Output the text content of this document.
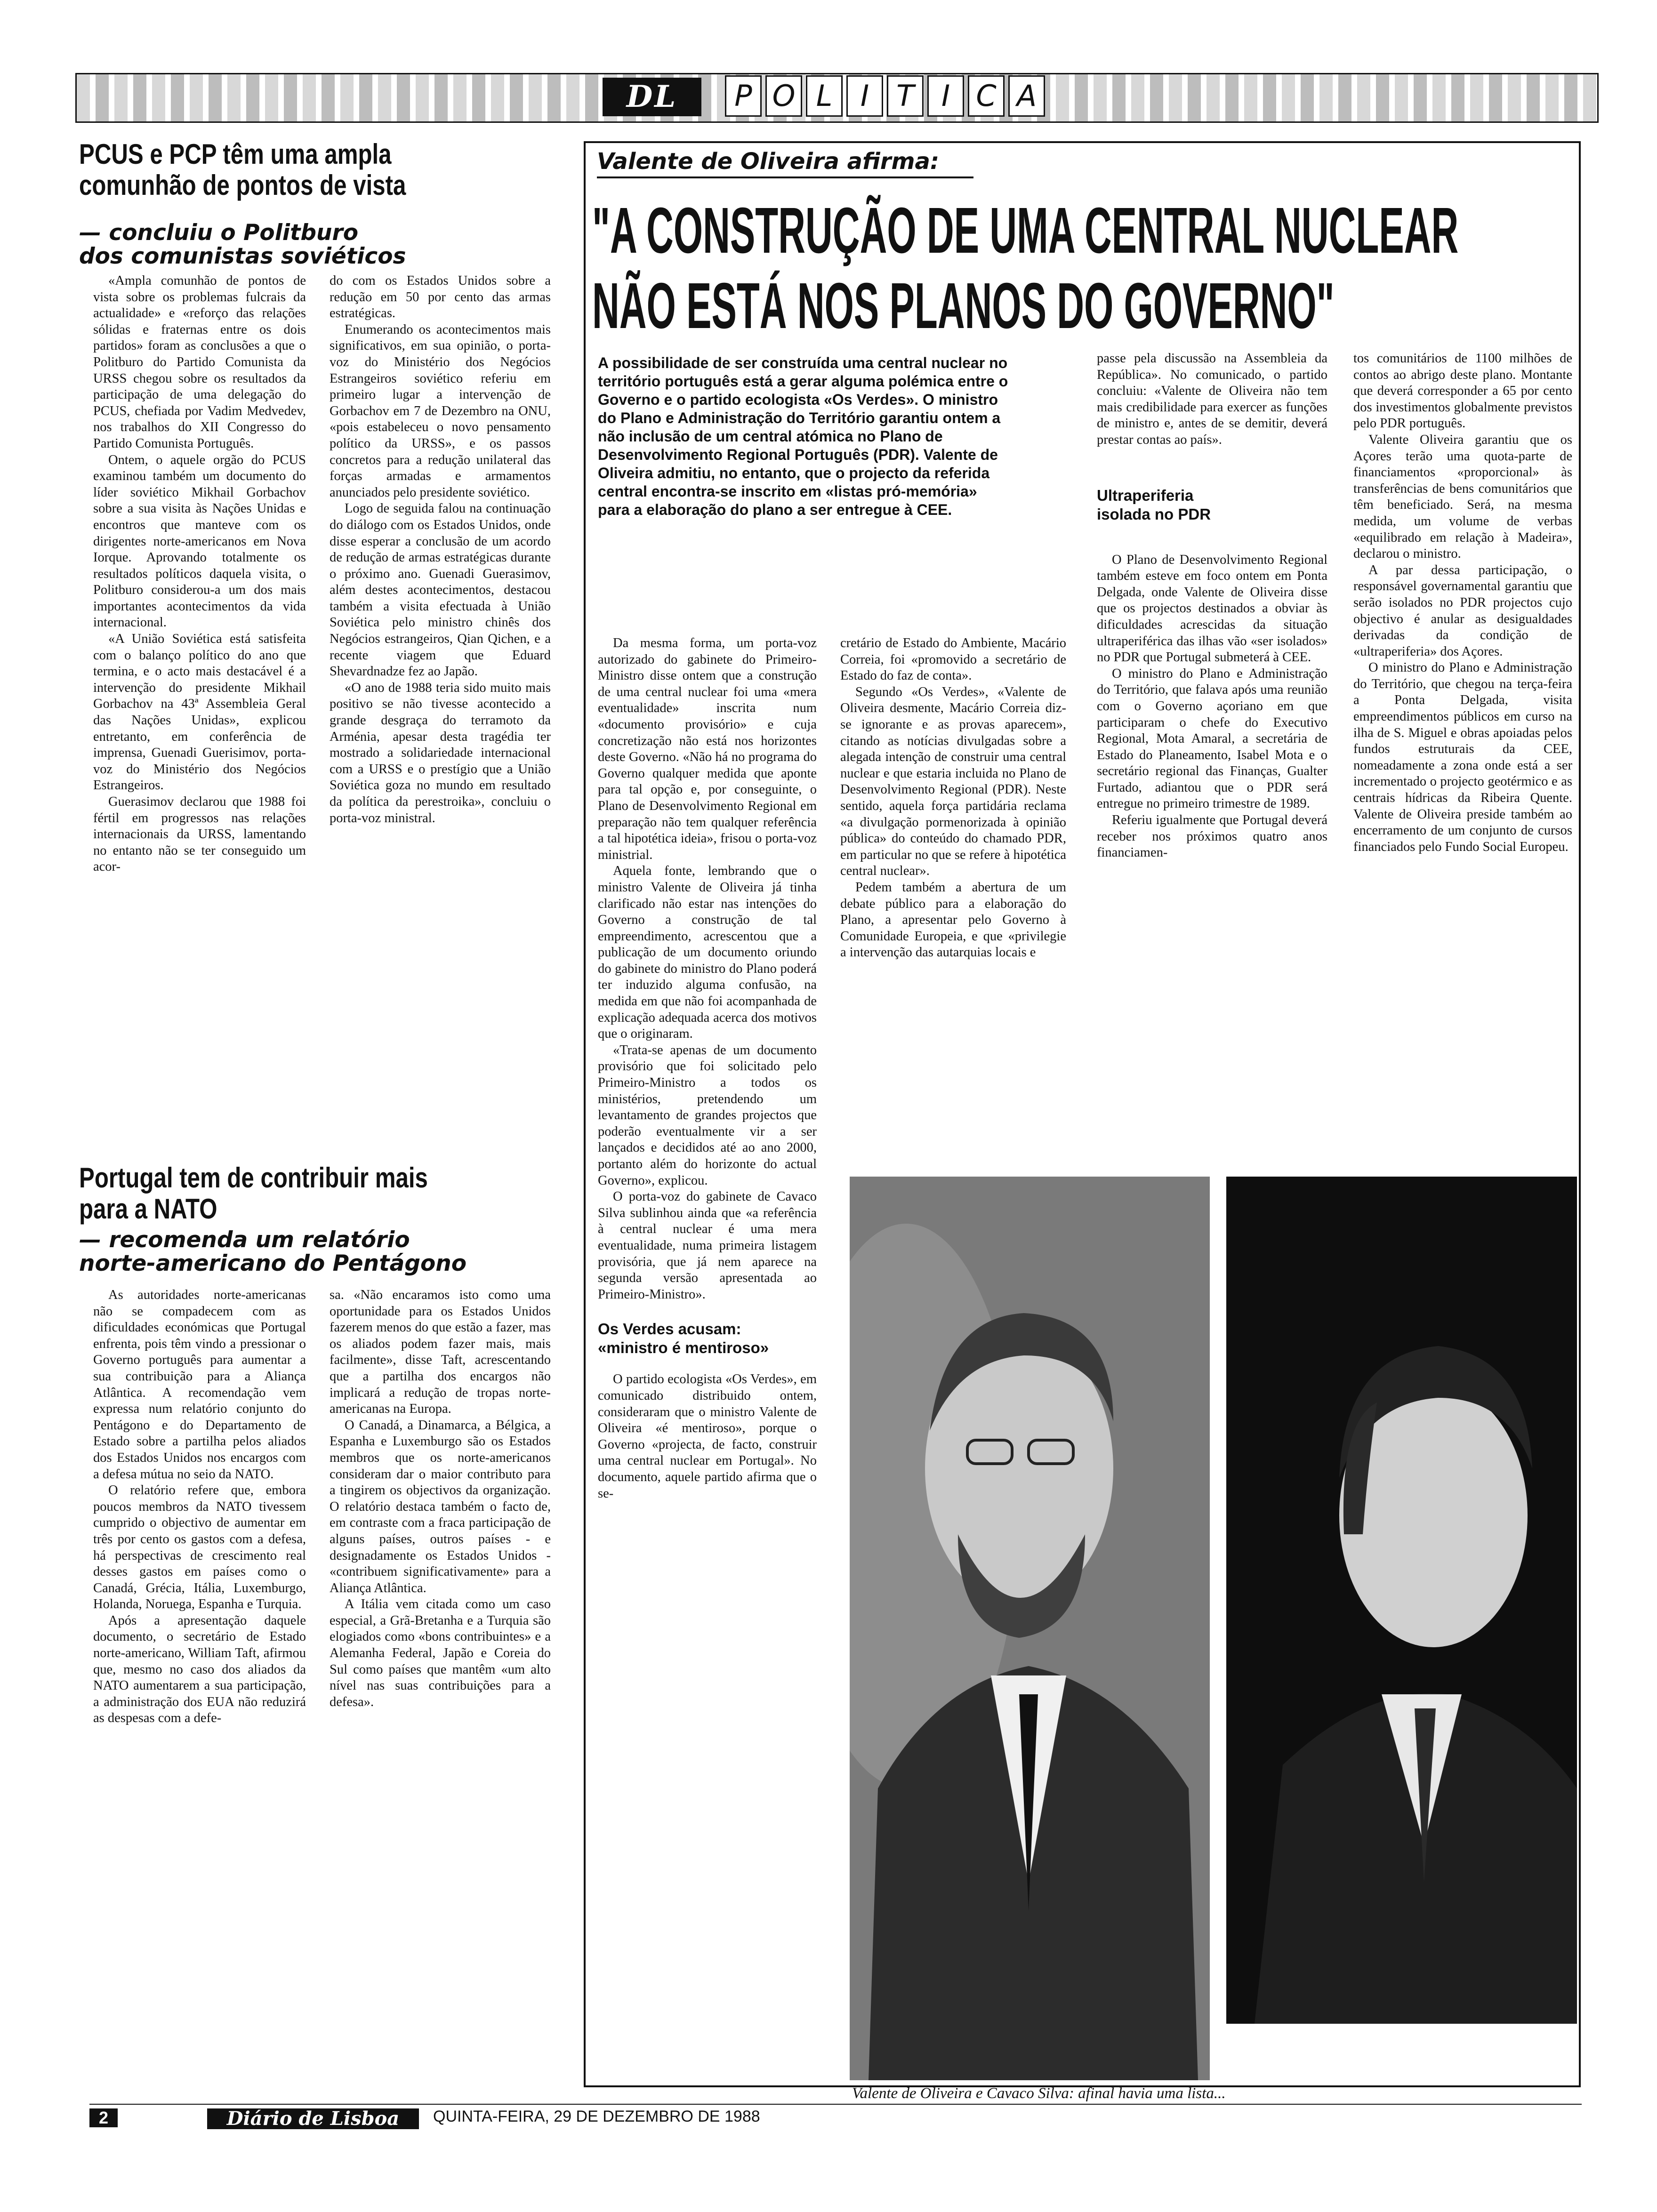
DL	P O L I T I C A
PCUS e PCP têm uma ampla
comunhão de pontos de vista
— concluiu o Politburo
dos comunistas soviéticos

«Ampla comunhão de pontos de vista sobre os problemas fulcrais da actualidade» e «reforço das relações sólidas e fraternas entre os dois partidos» foram as conclusões a que o Politburo do Partido Comunista da URSS chegou sobre os resultados da participação de uma delegação do PCUS, chefiada por Vadim Medvedev, nos trabalhos do XII Congresso do Partido Comunista Português.

Ontem, o aquele orgão do PCUS examinou também um documento do líder soviético Mikhail Gorbachov sobre a sua visita às Nações Unidas e encontros que manteve com os dirigentes norte-americanos em Nova Iorque. Aprovando totalmente os resultados políticos daquela visita, o Politburo considerou-a um dos mais importantes acontecimentos da vida internacional.

«A União Soviética está satisfeita com o balanço político do ano que termina, e o acto mais destacável é a intervenção do presidente Mikhail Gorbachov na 43ª Assembleia Geral das Nações Unidas», explicou entretanto, em conferência de imprensa, Guenadi Guerisimov, porta-voz do Ministério dos Negócios Estrangeiros.

Guerasimov declarou que 1988 foi fértil em progressos nas relações internacionais da URSS, lamentando no entanto não se ter conseguido um acor-

do com os Estados Unidos sobre a redução em 50 por cento das armas estratégicas.

Enumerando os acontecimentos mais significativos, em sua opinião, o porta-voz do Ministério dos Negócios Estrangeiros soviético referiu em primeiro lugar a intervenção de Gorbachov em 7 de Dezembro na ONU, «pois estabeleceu o novo pensamento político da URSS», e os passos concretos para a redução unilateral das forças armadas e armamentos anunciados pelo presidente soviético.

Logo de seguida falou na continuação do diálogo com os Estados Unidos, onde disse esperar a conclusão de um acordo de redução de armas estratégicas durante o próximo ano. Guenadi Guerasimov, além destes acontecimentos, destacou também a visita efectuada à União Soviética pelo ministro chinês dos Negócios estrangeiros, Qian Qichen, e a recente viagem que Eduard Shevardnadze fez ao Japão.

«O ano de 1988 teria sido muito mais positivo se não tivesse acontecido a grande desgraça do terramoto da Arménia, apesar desta tragédia ter mostrado a solidariedade internacional com a URSS e o prestígio que a União Soviética goza no mundo em resultado da política da perestroika», concluiu o porta-voz ministral.

Portugal tem de contribuir mais
para a NATO
— recomenda um relatório
norte-americano do Pentágono

As autoridades norte-americanas não se compadecem com as dificuldades económicas que Portugal enfrenta, pois têm vindo a pressionar o Governo português para aumentar a sua contribuição para a Aliança Atlântica. A recomendação vem expressa num relatório conjunto do Pentágono e do Departamento de Estado sobre a partilha pelos aliados dos Estados Unidos nos encargos com a defesa mútua no seio da NATO.

O relatório refere que, embora poucos membros da NATO tivessem cumprido o objectivo de aumentar em três por cento os gastos com a defesa, há perspectivas de crescimento real desses gastos em países como o Canadá, Grécia, Itália, Luxemburgo, Holanda, Noruega, Espanha e Turquia.

Após a apresentação daquele documento, o secretário de Estado norte-americano, William Taft, afirmou que, mesmo no caso dos aliados da NATO aumentarem a sua participação, a administração dos EUA não reduzirá as despesas com a defe-

sa. «Não encaramos isto como uma oportunidade para os Estados Unidos fazerem menos do que estão a fazer, mas os aliados podem fazer mais, mais facilmente», disse Taft, acrescentando que a partilha dos encargos não implicará a redução de tropas norte-americanas na Europa.

O Canadá, a Dinamarca, a Bélgica, a Espanha e Luxemburgo são os Estados membros que os norte-americanos consideram dar o maior contributo para a tingirem os objectivos da organização. O relatório destaca também o facto de, em contraste com a fraca participação de alguns países, outros países - e designadamente os Estados Unidos - «contribuem significativamente» para a Aliança Atlântica.

A Itália vem citada como um caso especial, a Grã-Bretanha e a Turquia são elogiados como «bons contribuintes» e a Alemanha Federal, Japão e Coreia do Sul como países que mantêm «um alto nível nas suas contribuições para a defesa».

Valente de Oliveira afirma:
"A CONSTRUÇÃO DE UMA CENTRAL NUCLEAR
NÃO ESTÁ NOS PLANOS DO GOVERNO"

A possibilidade de ser construída uma central nuclear no território português está a gerar alguma polémica entre o Governo e o partido ecologista «Os Verdes». O ministro do Plano e Administração do Território garantiu ontem a não inclusão de um central atómica no Plano de Desenvolvimento Regional Português (PDR). Valente de Oliveira admitiu, no entanto, que o projecto da referida central encontra-se inscrito em «listas pró-memória» para a elaboração do plano a ser entregue à CEE.

Da mesma forma, um porta-voz autorizado do gabinete do Primeiro-Ministro disse ontem que a construção de uma central nuclear foi uma «mera eventualidade» inscrita num «documento provisório» e cuja concretização não está nos horizontes deste Governo. «Não há no programa do Governo qualquer medida que aponte para tal opção e, por conseguinte, o Plano de Desenvolvimento Regional em preparação não tem qualquer referência a tal hipotética ideia», frisou o porta-voz ministrial.

Aquela fonte, lembrando que o ministro Valente de Oliveira já tinha clarificado não estar nas intenções do Governo a construção de tal empreendimento, acrescentou que a publicação de um documento oriundo do gabinete do ministro do Plano poderá ter induzido alguma confusão, na medida em que não foi acompanhada de explicação adequada acerca dos motivos que o originaram.

«Trata-se apenas de um documento provisório que foi solicitado pelo Primeiro-Ministro a todos os ministérios, pretendendo um levantamento de grandes projectos que poderão eventualmente vir a ser lançados e decididos até ao ano 2000, portanto além do horizonte do actual Governo», explicou.

O porta-voz do gabinete de Cavaco Silva sublinhou ainda que «a referência à central nuclear é uma mera eventualidade, numa primeira listagem provisória, que já nem aparece na segunda versão apresentada ao Primeiro-Ministro».

Os Verdes acusam:
«ministro é mentiroso»

O partido ecologista «Os Verdes», em comunicado distribuido ontem, consideraram que o ministro Valente de Oliveira «é mentiroso», porque o Governo «projecta, de facto, construir uma central nuclear em Portugal». No documento, aquele partido afirma que o se-

cretário de Estado do Ambiente, Macário Correia, foi «promovido a secretário de Estado do faz de conta».

Segundo «Os Verdes», «Valente de Oliveira desmente, Macário Correia diz-se ignorante e as provas aparecem», citando as notícias divulgadas sobre a alegada intenção de construir uma central nuclear e que estaria incluida no Plano de Desenvolvimento Regional (PDR). Neste sentido, aquela força partidária reclama «a divulgação pormenorizada à opinião pública» do conteúdo do chamado PDR, em particular no que se refere à hipotética central nuclear».

Pedem também a abertura de um debate público para a elaboração do Plano, a apresentar pelo Governo à Comunidade Europeia, e que «privilegie a intervenção das autarquias locais e

passe pela discussão na Assembleia da República». No comunicado, o partido concluiu: «Valente de Oliveira não tem mais credibilidade para exercer as funções de ministro e, antes de se demitir, deverá prestar contas ao país».

Ultraperiferia
isolada no PDR

O Plano de Desenvolvimento Regional também esteve em foco ontem em Ponta Delgada, onde Valente de Oliveira disse que os projectos destinados a obviar às dificuldades acrescidas da situação ultraperiférica das ilhas vão «ser isolados» no PDR que Portugal submeterá à CEE.

O ministro do Plano e Administração do Território, que falava após uma reunião com o Governo açoriano em que participaram o chefe do Executivo Regional, Mota Amaral, a secretária de Estado do Planeamento, Isabel Mota e o secretário regional das Finanças, Gualter Furtado, adiantou que o PDR será entregue no primeiro trimestre de 1989.

Referiu igualmente que Portugal deverá receber nos próximos quatro anos financiamen-

tos comunitários de 1100 milhões de contos ao abrigo deste plano. Montante que deverá corresponder a 65 por cento dos investimentos globalmente previstos pelo PDR português.

Valente Oliveira garantiu que os Açores terão uma quota-parte de financiamentos «proporcional» às transferências de bens comunitários que têm beneficiado. Será, na mesma medida, um volume de verbas «equilibrado em relação à Madeira», declarou o ministro.

A par dessa participação, o responsável governamental garantiu que serão isolados no PDR projectos cujo objectivo é anular as desigualdades derivadas da condição de «ultraperiferia» dos Açores.

O ministro do Plano e Administração do Território, que chegou na terça-feira a Ponta Delgada, visita empreendimentos públicos em curso na ilha de S. Miguel e obras apoiadas pelos fundos estruturais da CEE, nomeadamente a zona onde está a ser incrementado o projecto geotérmico e as centrais hídricas da Ribeira Quente. Valente de Oliveira preside também ao encerramento de um conjunto de cursos financiados pelo Fundo Social Europeu.

Valente de Oliveira e Cavaco Silva: afinal havia uma lista...
2	Diário de Lisboa	QUINTA-FEIRA, 29 DE DEZEMBRO DE 1988
